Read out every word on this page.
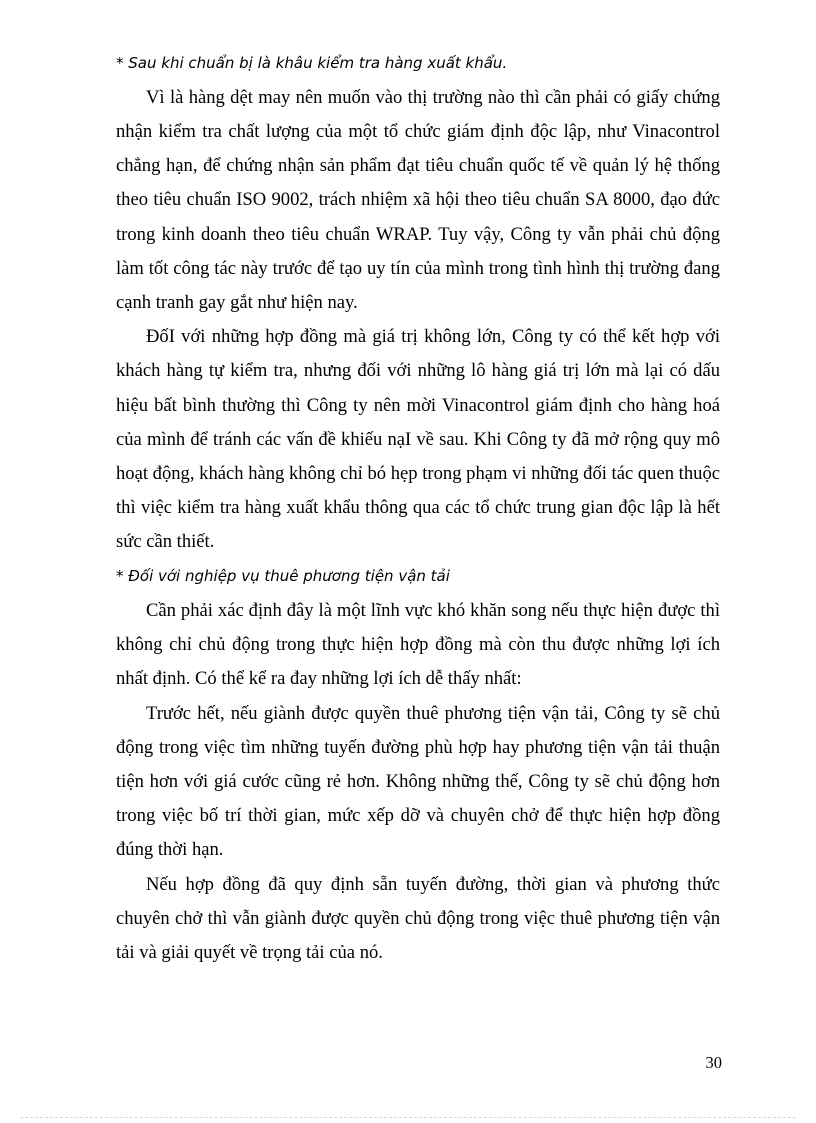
* Sau khi chuẩn bị là khâu kiểm tra hàng xuất khẩu.
Vì là hàng dệt may nên muốn vào thị trường nào thì cần phải có giấy chứng
nhận kiểm tra chất lượng của một tổ chức giám định độc lập, như Vinacontrol
chẳng hạn, để chứng nhận sản phẩm đạt tiêu chuẩn quốc tế về quản lý hệ thống
theo tiêu chuẩn ISO 9002, trách nhiệm xã hội theo tiêu chuẩn SA 8000, đạo đức
trong kinh doanh theo tiêu chuẩn WRAP. Tuy vậy, Công ty vẫn phải chủ động
làm tốt công tác này trước để tạo uy tín của mình trong tình hình thị trường đang
cạnh tranh gay gắt như hiện nay.
ĐốI với những hợp đồng mà giá trị không lớn, Công ty có thể kết hợp với
khách hàng tự kiểm tra, nhưng đối với những lô hàng giá trị lớn mà lại có dấu
hiệu bất bình thường thì Công ty nên mời Vinacontrol giám định cho hàng hoá
của mình để tránh các vấn đề khiếu nạI về sau. Khi Công ty đã mở rộng quy mô
hoạt động, khách hàng không chỉ bó hẹp trong phạm vi những đối tác quen thuộc
thì việc kiểm tra hàng xuất khẩu thông qua các tổ chức trung gian độc lập là hết
sức cần thiết.
* Đối với nghiệp vụ thuê phương tiện vận tải
Cần phải xác định đây là một lĩnh vực khó khăn song nếu thực hiện được thì
không chỉ chủ động trong thực hiện hợp đồng mà còn thu được những lợi ích
nhất định. Có thể kể ra đay những lợi ích dễ thấy nhất:
Trước hết, nếu giành được quyền thuê phương tiện vận tải, Công ty sẽ chủ
động trong việc tìm những tuyến đường phù hợp hay phương tiện vận tải thuận
tiện hơn với giá cước cũng rẻ hơn. Không những thế, Công ty sẽ chủ động hơn
trong việc bố trí thời gian, mức xếp dỡ và chuyên chở để thực hiện hợp đồng
đúng thời hạn.
Nếu hợp đồng đã quy định sẵn tuyến đường, thời gian và phương thức
chuyên chở thì vẫn giành được quyền chủ động trong việc thuê phương tiện vận
tải và giải quyết về trọng tải của nó.
30
